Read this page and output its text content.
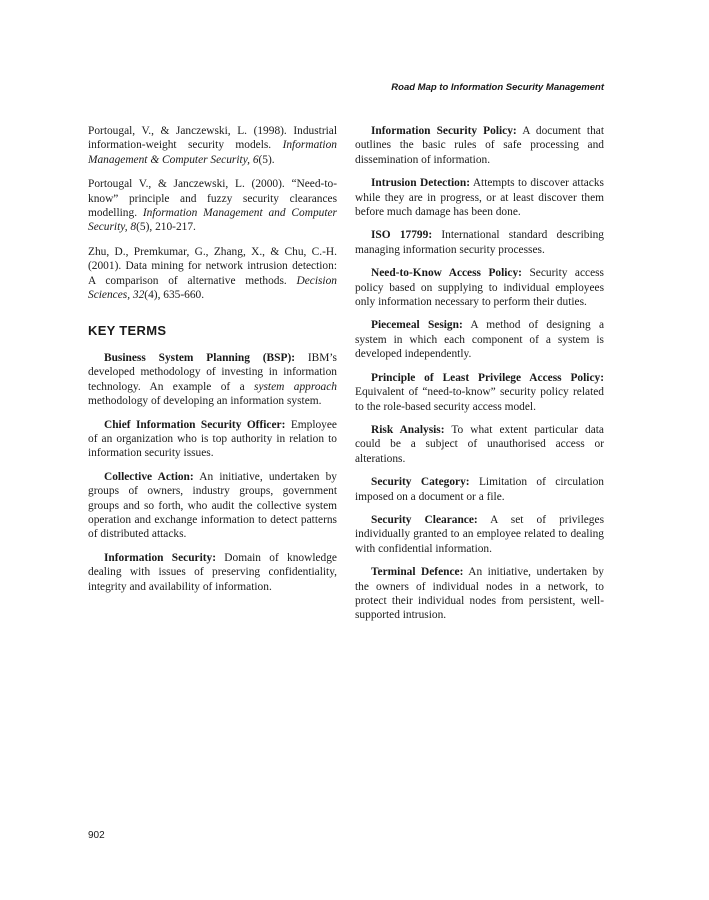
Road Map to Information Security Management

Portougal, V., & Janczewski, L. (1998). Industrial information-weight security models. Information Management & Computer Security, 6(5).

Portougal V., & Janczewski, L. (2000). “Need-to-know” principle and fuzzy security clearances modelling. Information Management and Computer Security, 8(5), 210-217.

Zhu, D., Premkumar, G., Zhang, X., & Chu, C.-H. (2001). Data mining for network intrusion detection: A comparison of alternative methods. Decision Sciences, 32(4), 635-660.

KEY TERMS

Business System Planning (BSP): IBM’s developed methodology of investing in information technology. An example of a system approach methodology of developing an information system.

Chief Information Security Officer: Employee of an organization who is top authority in relation to information security issues.

Collective Action: An initiative, undertaken by groups of owners, industry groups, government groups and so forth, who audit the collective system operation and exchange information to detect patterns of distributed attacks.

Information Security: Domain of knowledge dealing with issues of preserving confidentiality, integrity and availability of information.

Information Security Policy: A document that outlines the basic rules of safe processing and dissemination of information.

Intrusion Detection: Attempts to discover attacks while they are in progress, or at least discover them before much damage has been done.

ISO 17799: International standard describing managing information security processes.

Need-to-Know Access Policy: Security access policy based on supplying to individual employees only information necessary to perform their duties.

Piecemeal Sesign: A method of designing a system in which each component of a system is developed independently.

Principle of Least Privilege Access Policy: Equivalent of “need-to-know” security policy related to the role-based security access model.

Risk Analysis: To what extent particular data could be a subject of unauthorised access or alterations.

Security Category: Limitation of circulation imposed on a document or a file.

Security Clearance: A set of privileges individually granted to an employee related to dealing with confidential information.

Terminal Defence: An initiative, undertaken by the owners of individual nodes in a network, to protect their individual nodes from persistent, well-supported intrusion.

902
